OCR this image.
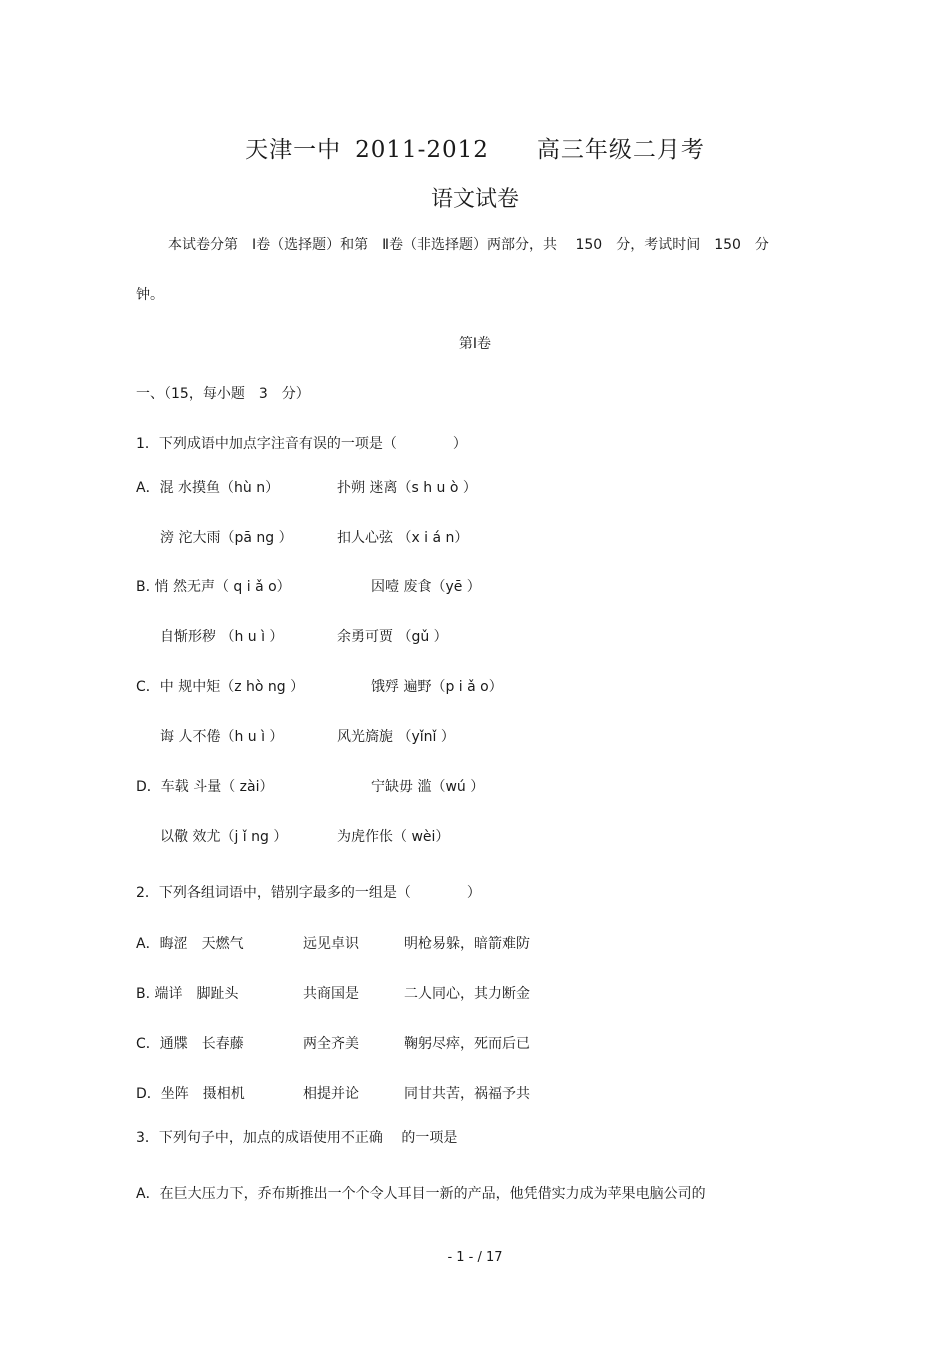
天津一中 2011-2012 高三年级二月考
语文试卷
本试卷分第　Ⅰ卷（选择题）和第　Ⅱ卷（非选择题）两部分，共　 150　分，考试时间　150　分
钟。
第Ⅰ卷
一、（15，每小题　3　分）
1．下列成语中加点字注音有误的一项是（　　　　）
A．混 水摸鱼（hù n）	扑朔 迷离（s h u ò ）
滂 沱大雨（pā ng ）	扣人心弦 （x i á n）
B. 悄 然无声（ q i ǎ o）	因噎 废食（yē ）
自惭形秽 （h u ì ）	余勇可贾 （gǔ ）
C．中 规中矩（z hò ng ）	饿殍 遍野（p i ǎ o）
诲 人不倦（h u ì ）	风光旖旎 （yǐnǐ ）
D．车载 斗量（ zài）	宁缺毋 滥（wú ）
以儆 效尤（j ǐ ng ）	为虎作伥（ wèi）
2．下列各组词语中，错别字最多的一组是（　　　　）
A．晦涩　天燃气	远见卓识	明枪易躲，暗箭难防
B. 端详　脚趾头	共商国是	二人同心，其力断金
C．通牒　长春藤	两全齐美	鞠躬尽瘁，死而后已
D．坐阵　摄相机	相提并论	同甘共苦，祸福予共
3．下列句子中，加点的成语使用不正确 　的一项是
A．在巨大压力下，乔布斯推出一个个令人耳目一新的产品，他凭借实力成为苹果电脑公司的
- 1 - / 17
